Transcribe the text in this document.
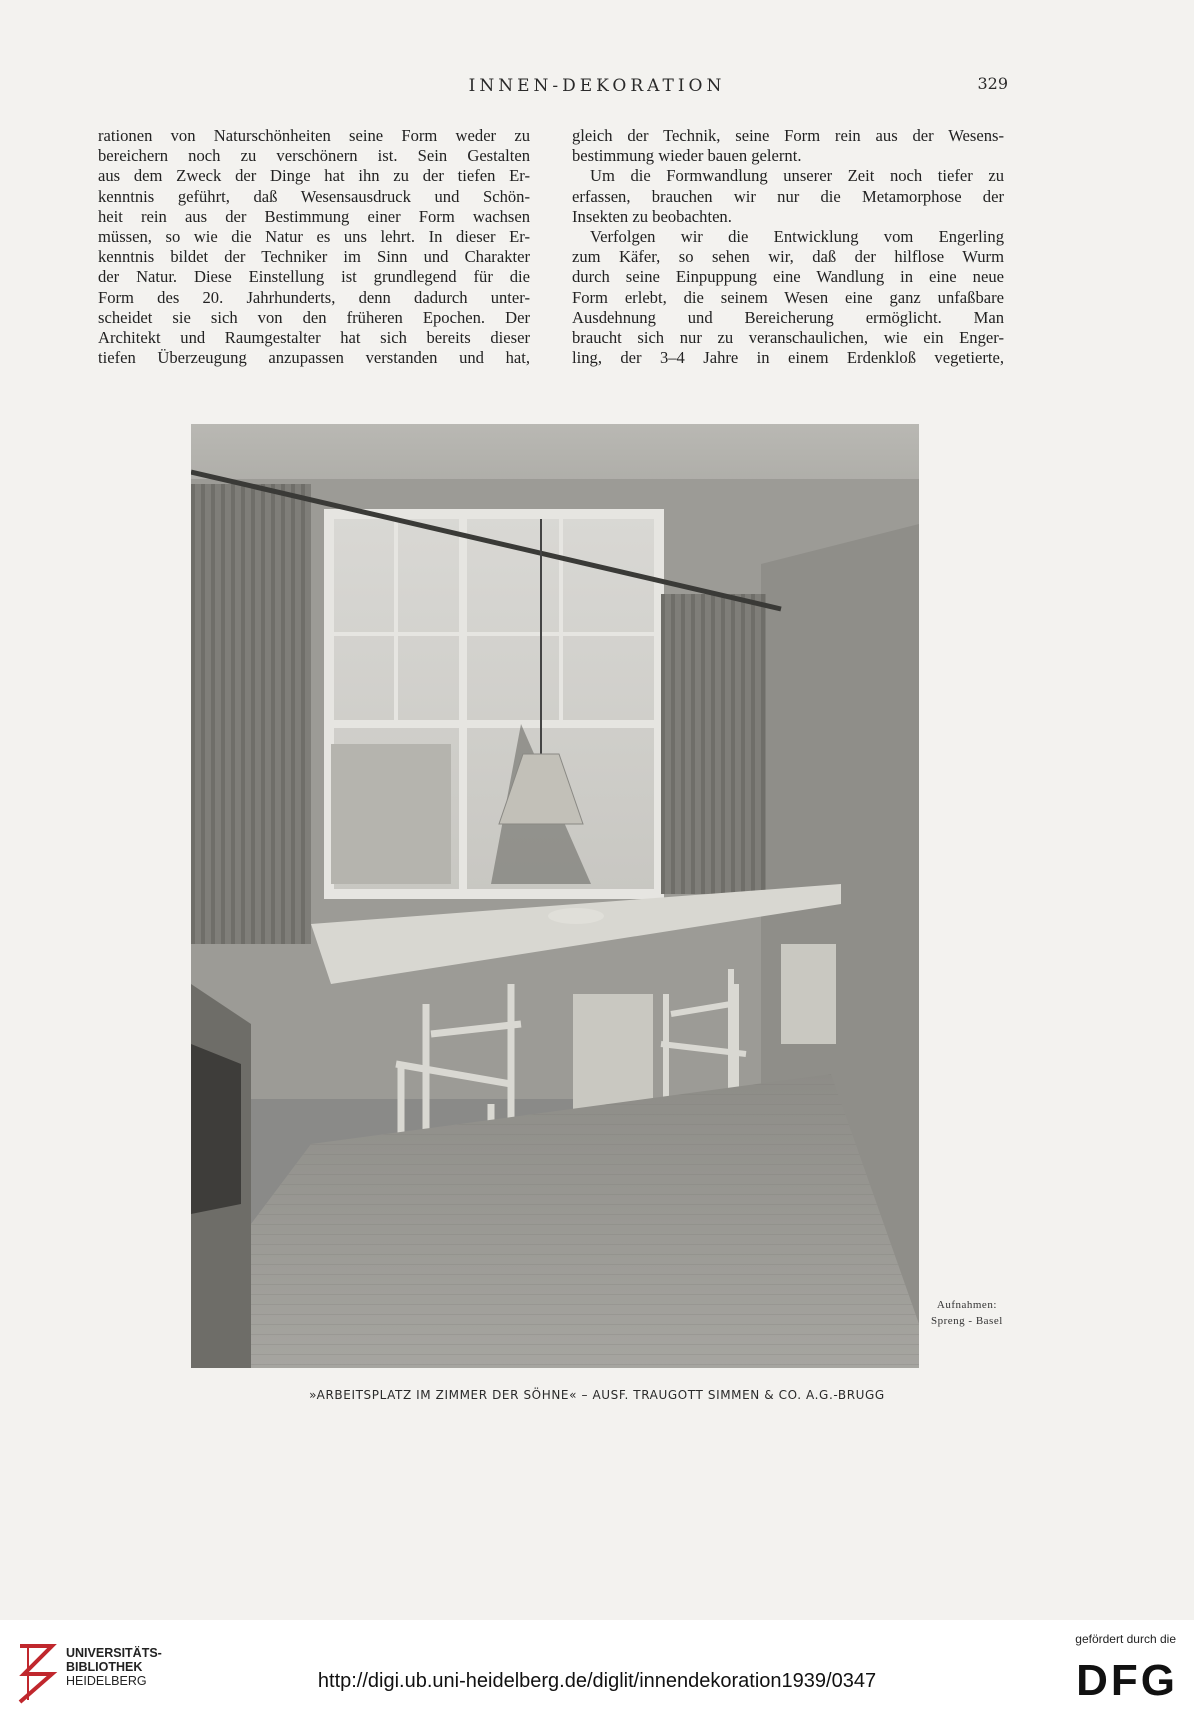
INNEN-DEKORATION	329
rationen von Naturschönheiten seine Form weder zu
bereichern noch zu verschönern ist. Sein Gestalten
aus dem Zweck der Dinge hat ihn zu der tiefen Er-
kenntnis geführt, daß Wesensausdruck und Schön-
heit rein aus der Bestimmung einer Form wachsen
müssen, so wie die Natur es uns lehrt. In dieser Er-
kenntnis bildet der Techniker im Sinn und Charakter
der Natur. Diese Einstellung ist grundlegend für die
Form des 20. Jahrhunderts, denn dadurch unter-
scheidet sie sich von den früheren Epochen. Der
Architekt und Raumgestalter hat sich bereits dieser
tiefen Überzeugung anzupassen verstanden und hat,
gleich der Technik, seine Form rein aus der Wesens-
bestimmung wieder bauen gelernt.
Um die Formwandlung unserer Zeit noch tiefer zu
erfassen, brauchen wir nur die Metamorphose der
Insekten zu beobachten.
Verfolgen wir die Entwicklung vom Engerling
zum Käfer, so sehen wir, daß der hilflose Wurm
durch seine Einpuppung eine Wandlung in eine neue
Form erlebt, die seinem Wesen eine ganz unfaßbare
Ausdehnung und Bereicherung ermöglicht. Man
braucht sich nur zu veranschaulichen, wie ein Enger-
ling, der 3–4 Jahre in einem Erdenkloß vegetierte,
Aufnahmen:
Spreng - Basel
»ARBEITSPLATZ IM ZIMMER DER SÖHNE« – AUSF. TRAUGOTT SIMMEN & CO. A.G.-BRUGG
UNIVERSITÄTS-
BIBLIOTHEK
HEIDELBERG	http://digi.ub.uni-heidelberg.de/diglit/innendekoration1939/0347
gefördert durch die
DFG
